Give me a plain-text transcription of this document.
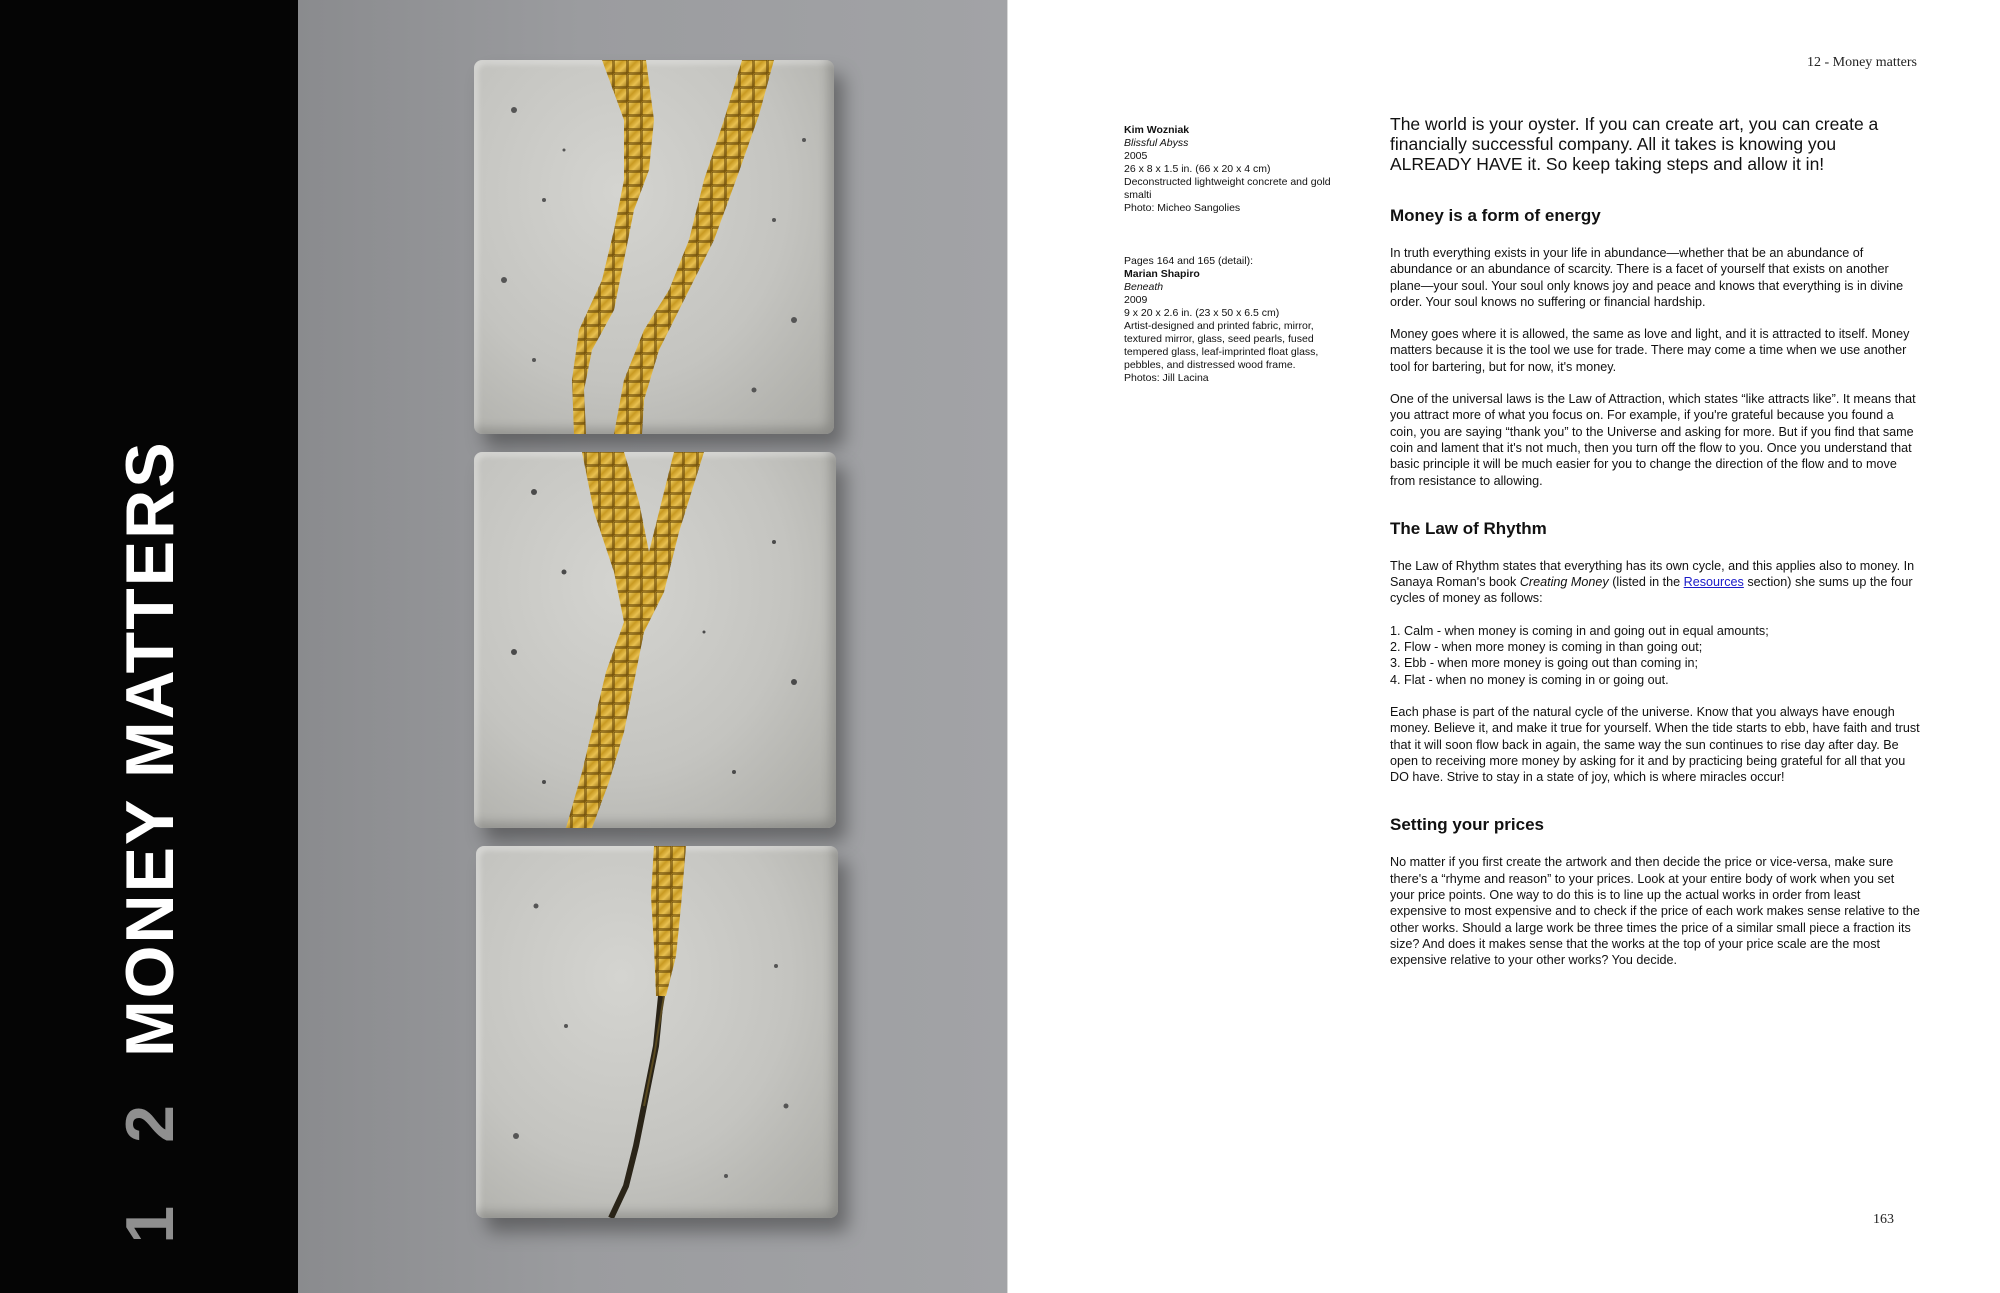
1 2MONEY MATTERS
12 - Money matters
Kim Wozniak
Blissful Abyss
2005
26 x 8 x 1.5 in. (66 x 20 x 4 cm)
Deconstructed lightweight concrete and gold smalti
Photo: Micheo Sangolies
Pages 164 and 165 (detail):
Marian Shapiro
Beneath
2009
9 x 20 x 2.6 in. (23 x 50 x 6.5 cm)
Artist-designed and printed fabric, mirror, textured mirror, glass, seed pearls, fused tempered glass, leaf-imprinted float glass, pebbles, and distressed wood frame.
Photos: Jill Lacina

The world is your oyster. If you can create art, you can create a financially successful company. All it takes is knowing you ALREADY HAVE it. So keep taking steps and allow it in!

Money is a form of energy

In truth everything exists in your life in abundance—whether that be an abundance of abundance or an abundance of scarcity. There is a facet of yourself that exists on another plane—your soul. Your soul only knows joy and peace and knows that everything is in divine order. Your soul knows no suffering or financial hardship.

Money goes where it is allowed, the same as love and light, and it is attracted to itself. Money matters because it is the tool we use for trade. There may come a time when we use another tool for bartering, but for now, it's money.

One of the universal laws is the Law of Attraction, which states “like attracts like”. It means that you attract more of what you focus on. For example, if you're grateful because you found a coin, you are saying “thank you” to the Universe and asking for more. But if you find that same coin and lament that it's not much, then you turn off the flow to you. Once you understand that basic principle it will be much easier for you to change the direction of the flow and to move from resistance to allowing.

The Law of Rhythm

The Law of Rhythm states that everything has its own cycle, and this applies also to money. In Sanaya Roman's book Creating Money (listed in the Resources section) she sums up the four cycles of money as follows:

1. Calm - when money is coming in and going out in equal amounts;
2. Flow - when more money is coming in than going out;
3. Ebb - when more money is going out than coming in;
4. Flat - when no money is coming in or going out.

Each phase is part of the natural cycle of the universe. Know that you always have enough money. Believe it, and make it true for yourself. When the tide starts to ebb, have faith and trust that it will soon flow back in again, the same way the sun continues to rise day after day. Be open to receiving more money by asking for it and by practicing being grateful for all that you DO have. Strive to stay in a state of joy, which is where miracles occur!

Setting your prices

No matter if you first create the artwork and then decide the price or vice-versa, make sure there's a “rhyme and reason” to your prices. Look at your entire body of work when you set your price points. One way to do this is to line up the actual works in order from least expensive to most expensive and to check if the price of each work makes sense relative to the other works. Should a large work be three times the price of a similar small piece a fraction its size? And does it makes sense that the works at the top of your price scale are the most expensive relative to your other works? You decide.

163
